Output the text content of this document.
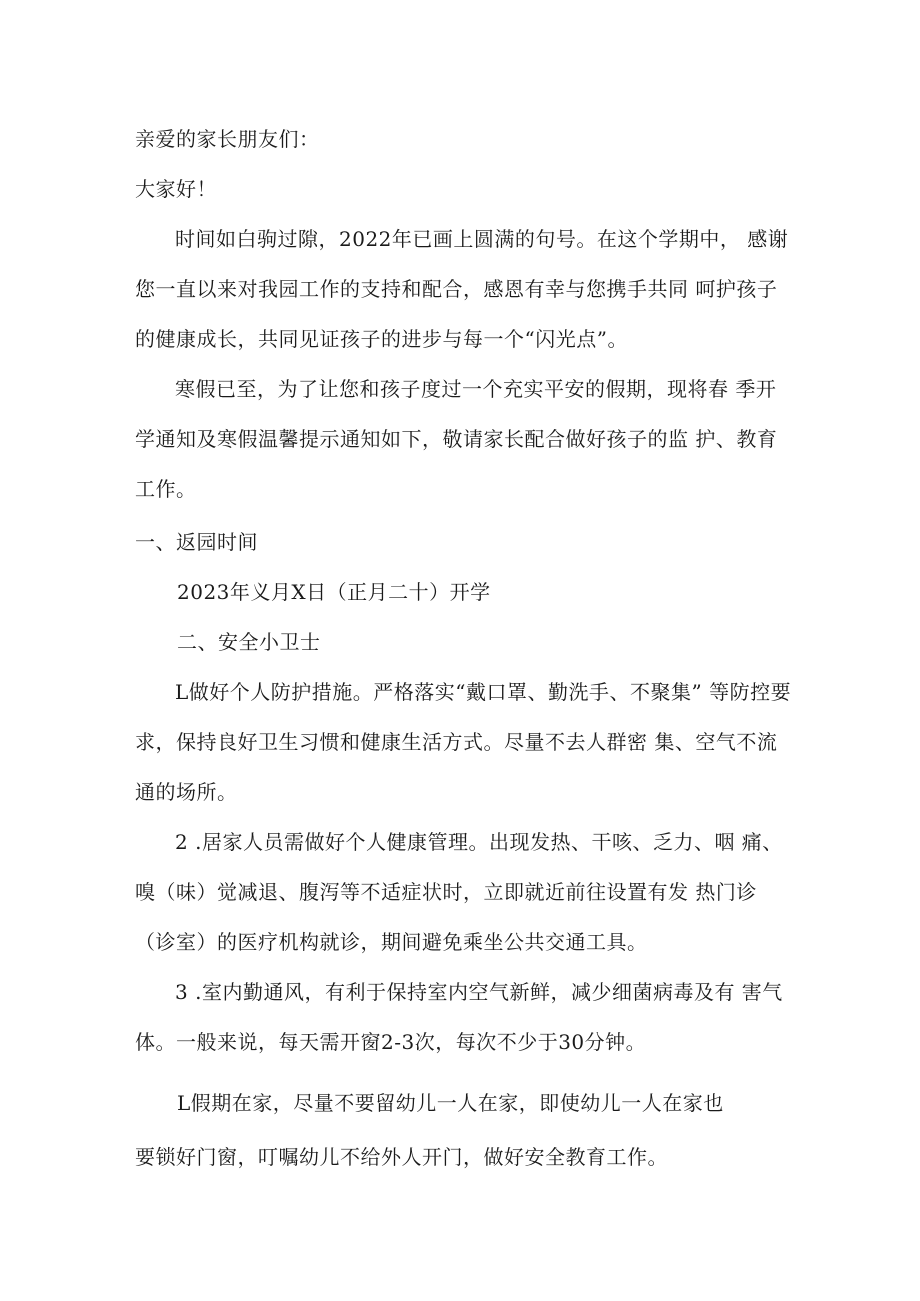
亲爱的家长朋友们：
大家好！
时间如白驹过隙，2022年已画上圆满的句号。在这个学期中， 感谢您一直以来对我园工作的支持和配合，感恩有幸与您携手共同 呵护孩子的健康成长，共同见证孩子的进步与每一个“闪光点”。
寒假已至，为了让您和孩子度过一个充实平安的假期，现将春 季开学通知及寒假温馨提示通知如下，敬请家长配合做好孩子的监 护、教育工作。
一、返园时间
2023年义月X日（正月二十）开学
二、安全小卫士
L做好个人防护措施。严格落实“戴口罩、勤洗手、不聚集” 等防控要求，保持良好卫生习惯和健康生活方式。尽量不去人群密 集、空气不流通的场所。
2 .居家人员需做好个人健康管理。出现发热、干咳、乏力、咽 痛、嗅（味）觉减退、腹泻等不适症状时，立即就近前往设置有发 热门诊（诊室）的医疗机构就诊，期间避免乘坐公共交通工具。
3 .室内勤通风，有利于保持室内空气新鲜，减少细菌病毒及有 害气体。一般来说，每天需开窗2-3次，每次不少于30分钟。
L假期在家，尽量不要留幼儿一人在家，即使幼儿一人在家也
要锁好门窗，叮嘱幼儿不给外人开门，做好安全教育工作。
